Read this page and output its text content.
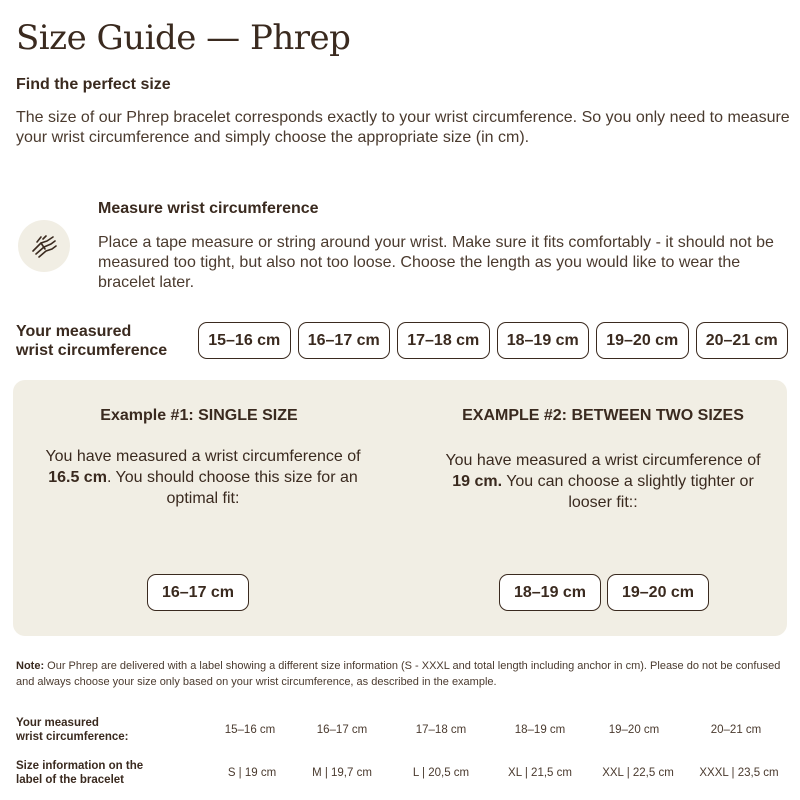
Size Guide — Phrep
Find the perfect size

The size of our Phrep bracelet corresponds exactly to your wrist circumference. So you only need to measure your wrist circumference and simply choose the appropriate size (in cm).

Measure wrist circumference

Place a tape measure or string around your wrist. Make sure it fits comfortably - it should not be measured too tight, but also not too loose. Choose the length as you would like to wear the bracelet later.

Your measured
wrist circumference
15–16 cm	16–17 cm	17–18 cm	18–19 cm	19–20 cm	20–21 cm
Example #1: SINGLE SIZE

You have measured a wrist circumference of 16.5 cm. You should choose this size for an optimal fit:

16–17 cm
EXAMPLE #2: BETWEEN TWO SIZES

You have measured a wrist circumference of 19 cm. You can choose a slightly tighter or looser fit::

18–19 cm	19–20 cm

Note: Our Phrep are delivered with a label showing a different size information (S - XXXL and total length including anchor in cm). Please do not be confused and always choose your size only based on your wrist circumference, as described in the example.

Your measured
wrist circumference:
15–16 cm	16–17 cm	17–18 cm	18–19 cm	19–20 cm	20–21 cm
Size information on the
label of the bracelet
S | 19 cm	M | 19,7 cm	L | 20,5 cm	XL | 21,5 cm	XXL | 22,5 cm XXXL | 23,5 cm
